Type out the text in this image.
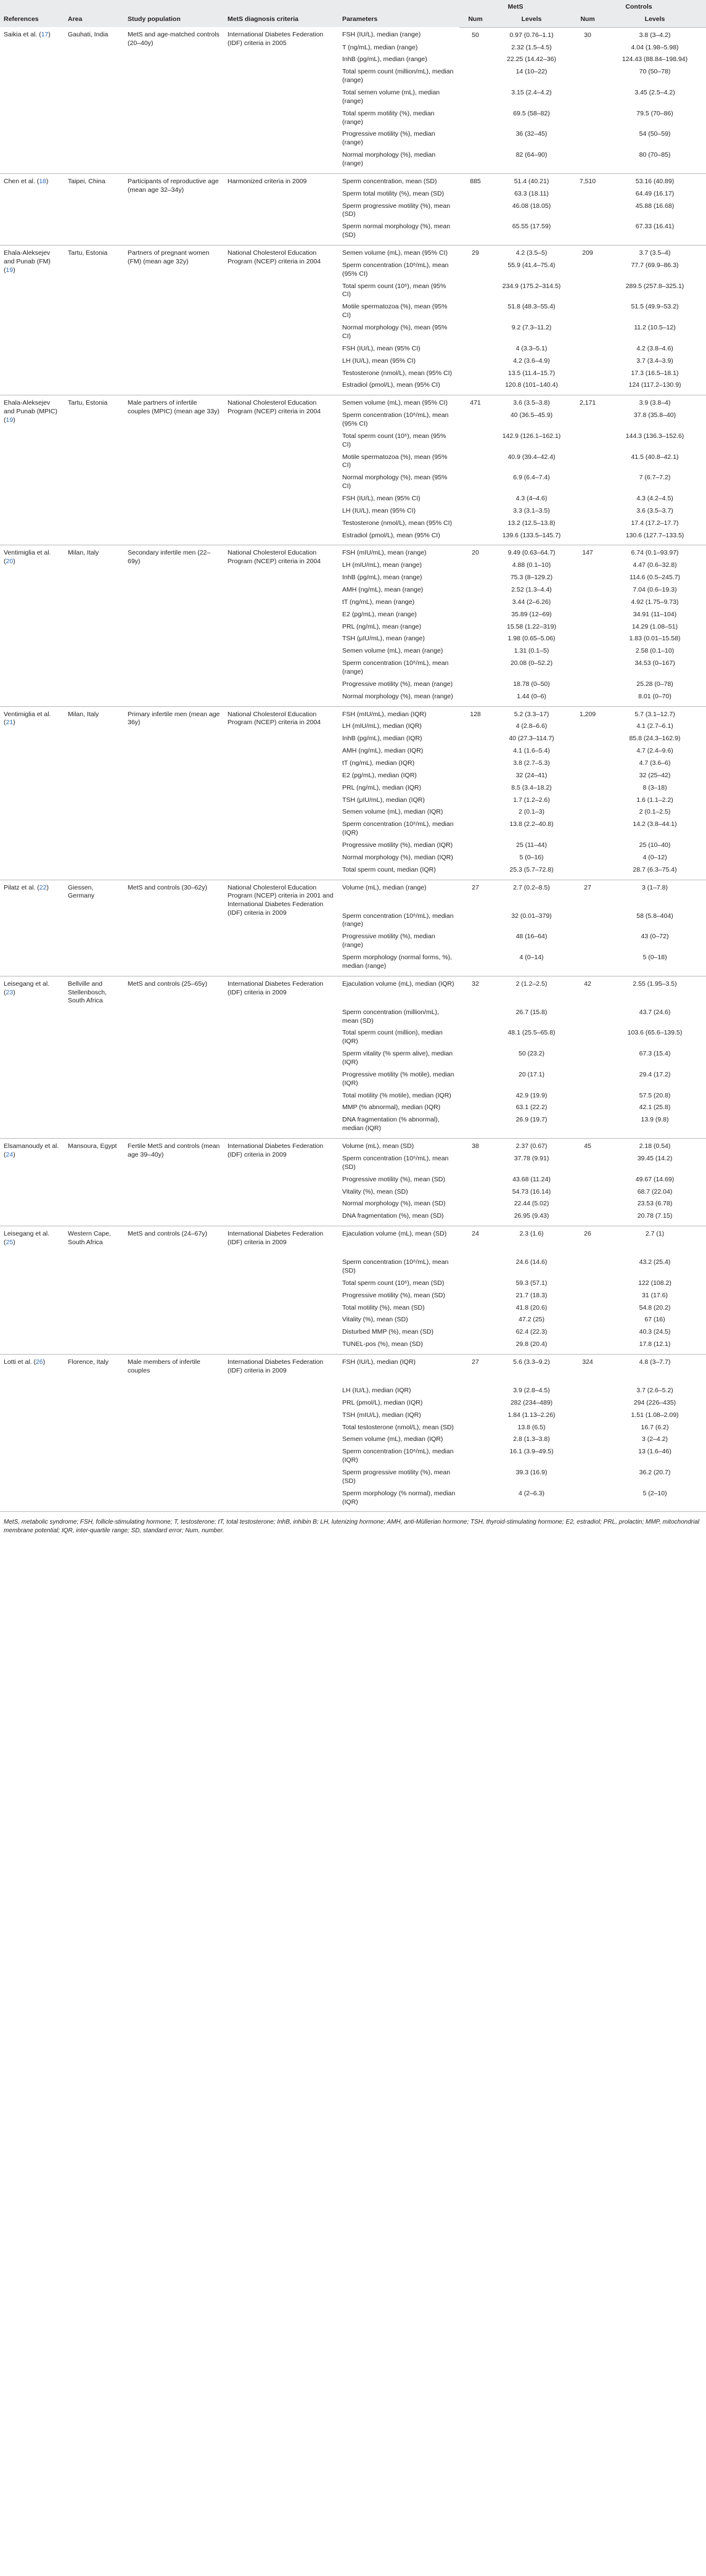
References	Area	Study population	MetS diagnosis criteria	Parameters	MetS		Controls	
					Num	Levels	Num	Levels
Saikia et al. (17)	Gauhati, India	MetS and age-matched controls (20–40y)	International Diabetes Federation (IDF) criteria in 2005	FSH (IU/L), median (range)	50	0.97 (0.76–1.1)	30	3.8 (3–4.2)
				T (ng/mL), median (range)		2.32 (1.5–4.5)		4.04 (1.98–5.98)
				InhB (pg/mL), median (range)		22.25 (14.42–36)		124.43 (88.84–198.94)
				Total sperm count (million/mL), median (range)		14 (10–22)		70 (50–78)
				Total semen volume (mL), median (range)		3.15 (2.4–4.2)		3.45 (2.5–4.2)
				Total sperm motility (%), median (range)		69.5 (58–82)		79.5 (70–86)
				Progressive motility (%), median (range)		36 (32–45)		54 (50–59)
				Normal morphology (%), median (range)		82 (64–90)		80 (70–85)
Chen et al. (18)	Taipei, China	Participants of reproductive age (mean age 32–34y)	Harmonized criteria in 2009	Sperm concentration, mean (SD)	885	51.4 (40.21)	7,510	53.16 (40.89)
				Sperm total motility (%), mean (SD)		63.3 (18.11)		64.49 (16.17)
				Sperm progressive motility (%), mean (SD)		46.08 (18.05)		45.88 (16.68)
				Sperm normal morphology (%), mean (SD)		65.55 (17.59)		67.33 (16.41)
Ehala-Aleksejev and Punab (FM) (19)	Tartu, Estonia	Partners of pregnant women (FM) (mean age 32y)	National Cholesterol Education Program (NCEP) criteria in 2004	Semen volume (mL), mean (95% CI)	29	4.2 (3.5–5)	209	3.7 (3.5–4)
				Sperm concentration (10⁶/mL), mean (95% CI)		55.9 (41.4–75.4)		77.7 (69.9–86.3)
				Total sperm count (10⁶), mean (95% CI)		234.9 (175.2–314.5)		289.5 (257.8–325.1)
				Motile spermatozoa (%), mean (95% CI)		51.8 (48.3–55.4)		51.5 (49.9–53.2)
				Normal morphology (%), mean (95% CI)		9.2 (7.3–11.2)		11.2 (10.5–12)
				FSH (IU/L), mean (95% CI)		4 (3.3–5.1)		4.2 (3.8–4.6)
				LH (IU/L), mean (95% CI)		4.2 (3.6–4.9)		3.7 (3.4–3.9)
				Testosterone (nmol/L), mean (95% CI)		13.5 (11.4–15.7)		17.3 (16.5–18.1)
				Estradiol (pmol/L), mean (95% CI)		120.8 (101–140.4)		124 (117.2–130.9)
Ehala-Aleksejev and Punab (MPIC) (19)	Tartu, Estonia	Male partners of infertile couples (MPIC) (mean age 33y)	National Cholesterol Education Program (NCEP) criteria in 2004	Semen volume (mL), mean (95% CI)	471	3.6 (3.5–3.8)	2,171	3.9 (3.8–4)
				Sperm concentration (10⁶/mL), mean (95% CI)		40 (36.5–45.9)		37.8 (35.8–40)
				Total sperm count (10⁶), mean (95% CI)		142.9 (126.1–162.1)		144.3 (136.3–152.6)
				Motile spermatozoa (%), mean (95% CI)		40.9 (39.4–42.4)		41.5 (40.8–42.1)
				Normal morphology (%), mean (95% CI)		6.9 (6.4–7.4)		7 (6.7–7.2)
				FSH (IU/L), mean (95% CI)		4.3 (4–4.6)		4.3 (4.2–4.5)
				LH (IU/L), mean (95% CI)		3.3 (3.1–3.5)		3.6 (3.5–3.7)
				Testosterone (nmol/L), mean (95% CI)		13.2 (12.5–13.8)		17.4 (17.2–17.7)
				Estradiol (pmol/L), mean (95% CI)		139.6 (133.5–145.7)		130.6 (127.7–133.5)
Ventimiglia et al. (20)	Milan, Italy	Secondary infertile men (22–69y)	National Cholesterol Education Program (NCEP) criteria in 2004	FSH (mIU/mL), mean (range)	20	9.49 (0.63–64.7)	147	6.74 (0.1–93.97)
				LH (mIU/mL), mean (range)		4.88 (0.1–10)		4.47 (0.6–32.8)
				InhB (pg/mL), mean (range)		75.3 (8–129.2)		114.6 (0.5–245.7)
				AMH (ng/mL), mean (range)		2.52 (1.3–4.4)		7.04 (0.6–19.3)
				tT (ng/mL), mean (range)		3.44 (2–6.26)		4.92 (1.75–9.73)
				E2 (pg/mL), mean (range)		35.89 (12–69)		34.91 (11–104)
				PRL (ng/mL), mean (range)		15.58 (1.22–319)		14.29 (1.08–51)
				TSH (μIU/mL), mean (range)		1.98 (0.65–5.06)		1.83 (0.01–15.58)
				Semen volume (mL), mean (range)		1.31 (0.1–5)		2.58 (0.1–10)
				Sperm concentration (10⁶/mL), mean (range)		20.08 (0–52.2)		34.53 (0–167)
				Progressive motility (%), mean (range)		18.78 (0–50)		25.28 (0–78)
				Normal morphology (%), mean (range)		1.44 (0–6)		8.01 (0–70)
Ventimiglia et al. (21)	Milan, Italy	Primary infertile men (mean age 36y)	National Cholesterol Education Program (NCEP) criteria in 2004	FSH (mIU/mL), median (IQR)	128	5.2 (3.3–17)	1,209	5.7 (3.1–12.7)
				LH (mIU/mL), median (IQR)		4 (2.8–6.6)		4.1 (2.7–6.1)
				InhB (pg/mL), median (IQR)		40 (27.3–114.7)		85.8 (24.3–162.9)
				AMH (ng/mL), median (IQR)		4.1 (1.6–5.4)		4.7 (2.4–9.6)
				tT (ng/mL), median (IQR)		3.8 (2.7–5.3)		4.7 (3.6–6)
				E2 (pg/mL), median (IQR)		32 (24–41)		32 (25–42)
				PRL (ng/mL), median (IQR)		8.5 (3.4–18.2)		8 (3–18)
				TSH (μIU/mL), median (IQR)		1.7 (1.2–2.6)		1.6 (1.1–2.2)
				Semen volume (mL), median (IQR)		2 (0.1–3)		2 (0.1–2.5)
				Sperm concentration (10⁶/mL), median (IQR)		13.8 (2.2–40.8)		14.2 (3.8–44.1)
				Progressive motility (%), median (IQR)		25 (11–44)		25 (10–40)
				Normal morphology (%), median (IQR)		5 (0–16)		4 (0–12)
				Total sperm count, median (IQR)		25.3 (5.7–72.8)		28.7 (6.3–75.4)
Pilatz et al. (22)	Giessen, Germany	MetS and controls (30–62y)	National Cholesterol Education Program (NCEP) criteria in 2001 and International Diabetes Federation (IDF) criteria in 2009	Volume (mL), median (range)	27	2.7 (0.2–8.5)	27	3 (1–7.8)
				Sperm concentration (10⁶/mL), median (range)		32 (0.01–379)		58 (5.8–404)
				Progressive motility (%), median (range)		48 (16–64)		43 (0–72)
				Sperm morphology (normal forms, %), median (range)		4 (0–14)		5 (0–18)
Leisegang et al. (23)	Bellville and Stellenbosch, South Africa	MetS and controls (25–65y)	International Diabetes Federation (IDF) criteria in 2009	Ejaculation volume (mL), median (IQR)	32	2 (1.2–2.5)	42	2.55 (1.95–3.5)
				Sperm concentration (million/mL), mean (SD)		26.7 (15.8)		43.7 (24.6)
				Total sperm count (million), median (IQR)		48.1 (25.5–65.8)		103.6 (65.6–139.5)
				Sperm vitality (% sperm alive), median (IQR)		50 (23.2)		67.3 (15.4)
				Progressive motility (% motile), median (IQR)		20 (17.1)		29.4 (17.2)
				Total motility (% motile), median (IQR)		42.9 (19.9)		57.5 (20.8)
				MMP (% abnormal), median (IQR)		63.1 (22.2)		42.1 (25.8)
				DNA fragmentation (% abnormal), median (IQR)		26.9 (19.7)		13.9 (9.8)
Elsamanoudy et al. (24)	Mansoura, Egypt	Fertile MetS and controls (mean age 39–40y)	International Diabetes Federation (IDF) criteria in 2009	Volume (mL), mean (SD)	38	2.37 (0.67)	45	2.18 (0.54)
				Sperm concentration (10⁶/mL), mean (SD)		37.78 (9.91)		39.45 (14.2)
				Progressive motility (%), mean (SD)		43.68 (11.24)		49.67 (14.69)
				Vitality (%), mean (SD)		54.73 (16.14)		68.7 (22.04)
				Normal morphology (%), mean (SD)		22.44 (5.02)		23.53 (6.78)
				DNA fragmentation (%), mean (SD)		26.95 (9.43)		20.78 (7.15)
Leisegang et al. (25)	Western Cape, South Africa	MetS and controls (24–67y)	International Diabetes Federation (IDF) criteria in 2009	Ejaculation volume (mL), mean (SD)	24	2.3 (1.6)	26	2.7 (1)
				Sperm concentration (10⁶/mL), mean (SD)		24.6 (14.6)		43.2 (25.4)
				Total sperm count (10⁶), mean (SD)		59.3 (57.1)		122 (108.2)
				Progressive motility (%), mean (SD)		21.7 (18.3)		31 (17.6)
				Total motility (%), mean (SD)		41.8 (20.6)		54.8 (20.2)
				Vitality (%), mean (SD)		47.2 (25)		67 (16)
				Disturbed MMP (%), mean (SD)		62.4 (22.3)		40.3 (24.5)
				TUNEL-pos (%), mean (SD)		29.8 (20.4)		17.8 (12.1)
Lotti et al. (26)	Florence, Italy	Male members of infertile couples	International Diabetes Federation (IDF) criteria in 2009	FSH (IU/L), median (IQR)	27	5.6 (3.3–9.2)	324	4.8 (3–7.7)
				LH (IU/L), median (IQR)		3.9 (2.8–4.5)		3.7 (2.6–5.2)
				PRL (pmol/L), median (IQR)		282 (234–489)		294 (226–435)
				TSH (mIU/L), median (IQR)		1.84 (1.13–2.26)		1.51 (1.08–2.09)
				Total testosterone (nmol/L), mean (SD)		13.8 (6.5)		16.7 (6.2)
				Semen volume (mL), median (IQR)		2.8 (1.3–3.8)		3 (2–4.2)
				Sperm concentration (10⁶/mL), median (IQR)		16.1 (3.9–49.5)		13 (1.6–46)
				Sperm progressive motility (%), mean (SD)		39.3 (16.9)		36.2 (20.7)
				Sperm morphology (% normal), median (IQR)		4 (2–6.3)		5 (2–10)

MetS, metabolic syndrome; FSH, follicle-stimulating hormone; T, testosterone; tT, total testosterone; InhB, inhibin B; LH, lutenizing hormone; AMH, anti-Müllerian hormone; TSH, thyroid-stimulating hormone; E2, estradiol; PRL, prolactin; MMP, mitochondrial membrane potential; IQR, inter-quartile range; SD, standard error; Num, number.
